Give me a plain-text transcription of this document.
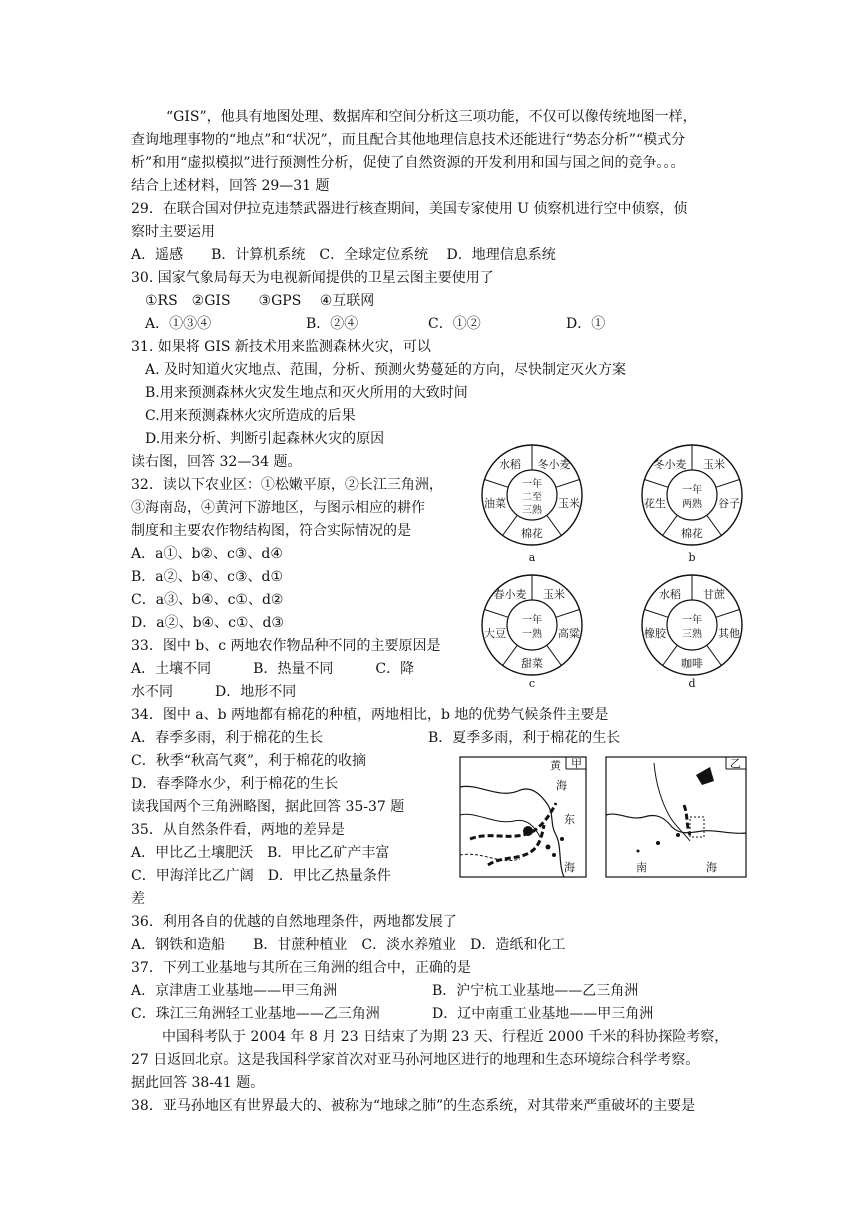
“GIS”，他具有地图处理、数据库和空间分析这三项功能，不仅可以像传统地图一样，
查询地理事物的“地点”和“状况”，而且配合其他地理信息技术还能进行“势态分析”“模式分
析”和用“虚拟模拟”进行预测性分析，促使了自然资源的开发利用和国与国之间的竞争。。。
结合上述材料，回答 29—31 题
29．在联合国对伊拉克违禁武器进行核查期间，美国专家使用 U 侦察机进行空中侦察，侦
察时主要运用
A．遥感　　B．计算机系统　C．全球定位系统　 D．地理信息系统
30. 国家气象局每天为电视新闻提供的卫星云图主要使用了
①RS　②GIS　　③GPS　 ④互联网
A．①③④	B．②④	C．①②	D．①
31. 如果将 GIS 新技术用来监测森林火灾，可以
A. 及时知道火灾地点、范围，分析、预测火势蔓延的方向，尽快制定灭火方案
B.用来预测森林火灾发生地点和灭火所用的大致时间
C.用来预测森林火灾所造成的后果
D.用来分析、判断引起森林火灾的原因
读右图，回答 32—34 题。
32．读以下农业区：①松嫩平原，②长江三角洲，
③海南岛，④黄河下游地区，与图示相应的耕作
制度和主要农作物结构图，符合实际情况的是
A．a①、b②、c③、d④
B．a②、b④、c③、d①
C．a③、b④、c①、d②
D．a②、b④、c①、d③
33．图中 b、c 两地农作物品种不同的主要原因是
A．土壤不同　　　B．热量不同　　　C．降
水不同　　　D．地形不同
34．图中 a、b 两地都有棉花的种植，两地相比，b 地的优势气候条件主要是
A．春季多雨，利于棉花的生长	B．夏季多雨，利于棉花的生长
C．秋季“秋高气爽”，利于棉花的收摘
D．春季降水少，利于棉花的生长
读我国两个三角洲略图，据此回答 35-37 题
35．从自然条件看，两地的差异是
A．甲比乙土壤肥沃　B．甲比乙矿产丰富
C．甲海洋比乙广阔　D．甲比乙热量条件
差
36．利用各自的优越的自然地理条件，两地都发展了
A．钢铁和造船　　B．甘蔗种植业　C．淡水养殖业　D．造纸和化工
37．下列工业基地与其所在三角洲的组合中，正确的是
A．京津唐工业基地——甲三角洲	B．沪宁杭工业基地——乙三角洲
C．珠江三角洲轻工业基地——乙三角洲	D．辽中南重工业基地——甲三角洲
中国科考队于 2004 年 8 月 23 日结束了为期 23 天、行程近 2000 千米的科协探险考察，
27 日返回北京。这是我国科学家首次对亚马孙河地区进行的地理和生态环境综合科学考察。
据此回答 38-41 题。
38．亚马孙地区有世界最大的、被称为“地球之肺”的生态系统，对其带来严重破坏的主要是
水稻 冬小麦
玉米
棉花
油菜
一年
二至
三熟
a
冬小麦 玉米
谷子
棉花
花生
一年
两熟
b
春小麦 玉米
高粱
甜菜
大豆
一年
一熟
c
水稻 甘蔗
其他
咖啡
橡胶
一年
三熟
d
甲
黄
海
东
海
乙
南	海
